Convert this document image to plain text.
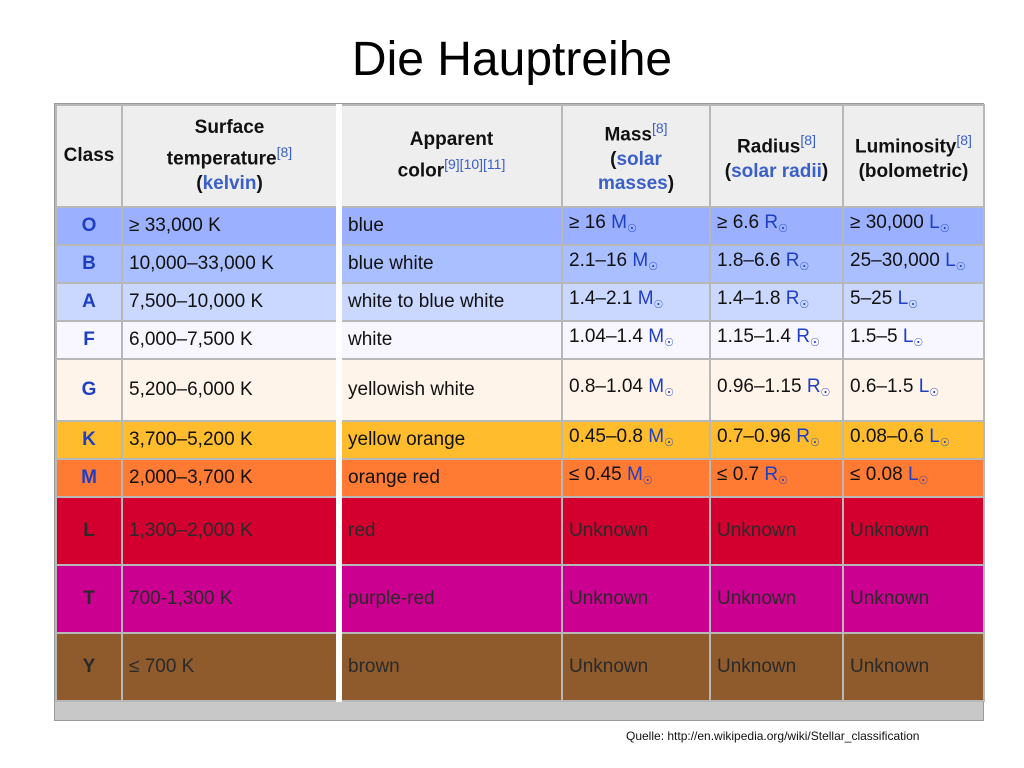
Die Hauptreihe
Class	Surface
temperature[8]
(kelvin)	Apparent
color[9][10][11]	Mass[8]
(solar
masses)	Radius[8]
(solar radii)	Luminosity[8]
(bolometric)
O	≥ 33,000 K	blue	≥ 16 $M_☉$	≥ 6.6 $R_☉$	≥ 30,000 $L_☉$
B	10,000–33,000 K	blue white	2.1–16 $M_☉$	1.8–6.6 $R_☉$	25–30,000 $L_☉$
A	7,500–10,000 K	white to blue white	1.4–2.1 $M_☉$	1.4–1.8 $R_☉$	5–25 $L_☉$
F	6,000–7,500 K	white	1.04–1.4 $M_☉$	1.15–1.4 $R_☉$	1.5–5 $L_☉$
G	5,200–6,000 K	yellowish white	0.8–1.04 $M_☉$	0.96–1.15 $R_☉$	0.6–1.5 $L_☉$
K	3,700–5,200 K	yellow orange	0.45–0.8 $M_☉$	0.7–0.96 $R_☉$	0.08–0.6 $L_☉$
M	2,000–3,700 K	orange red	≤ 0.45 $M_☉$	≤ 0.7 $R_☉$	≤ 0.08 $L_☉$
L	1,300–2,000 K	red	Unknown	Unknown	Unknown
T	700-1,300 K	purple-red	Unknown	Unknown	Unknown
Y	≤ 700 K	brown	Unknown	Unknown	Unknown
Quelle: http://en.wikipedia.org/wiki/Stellar_classification
